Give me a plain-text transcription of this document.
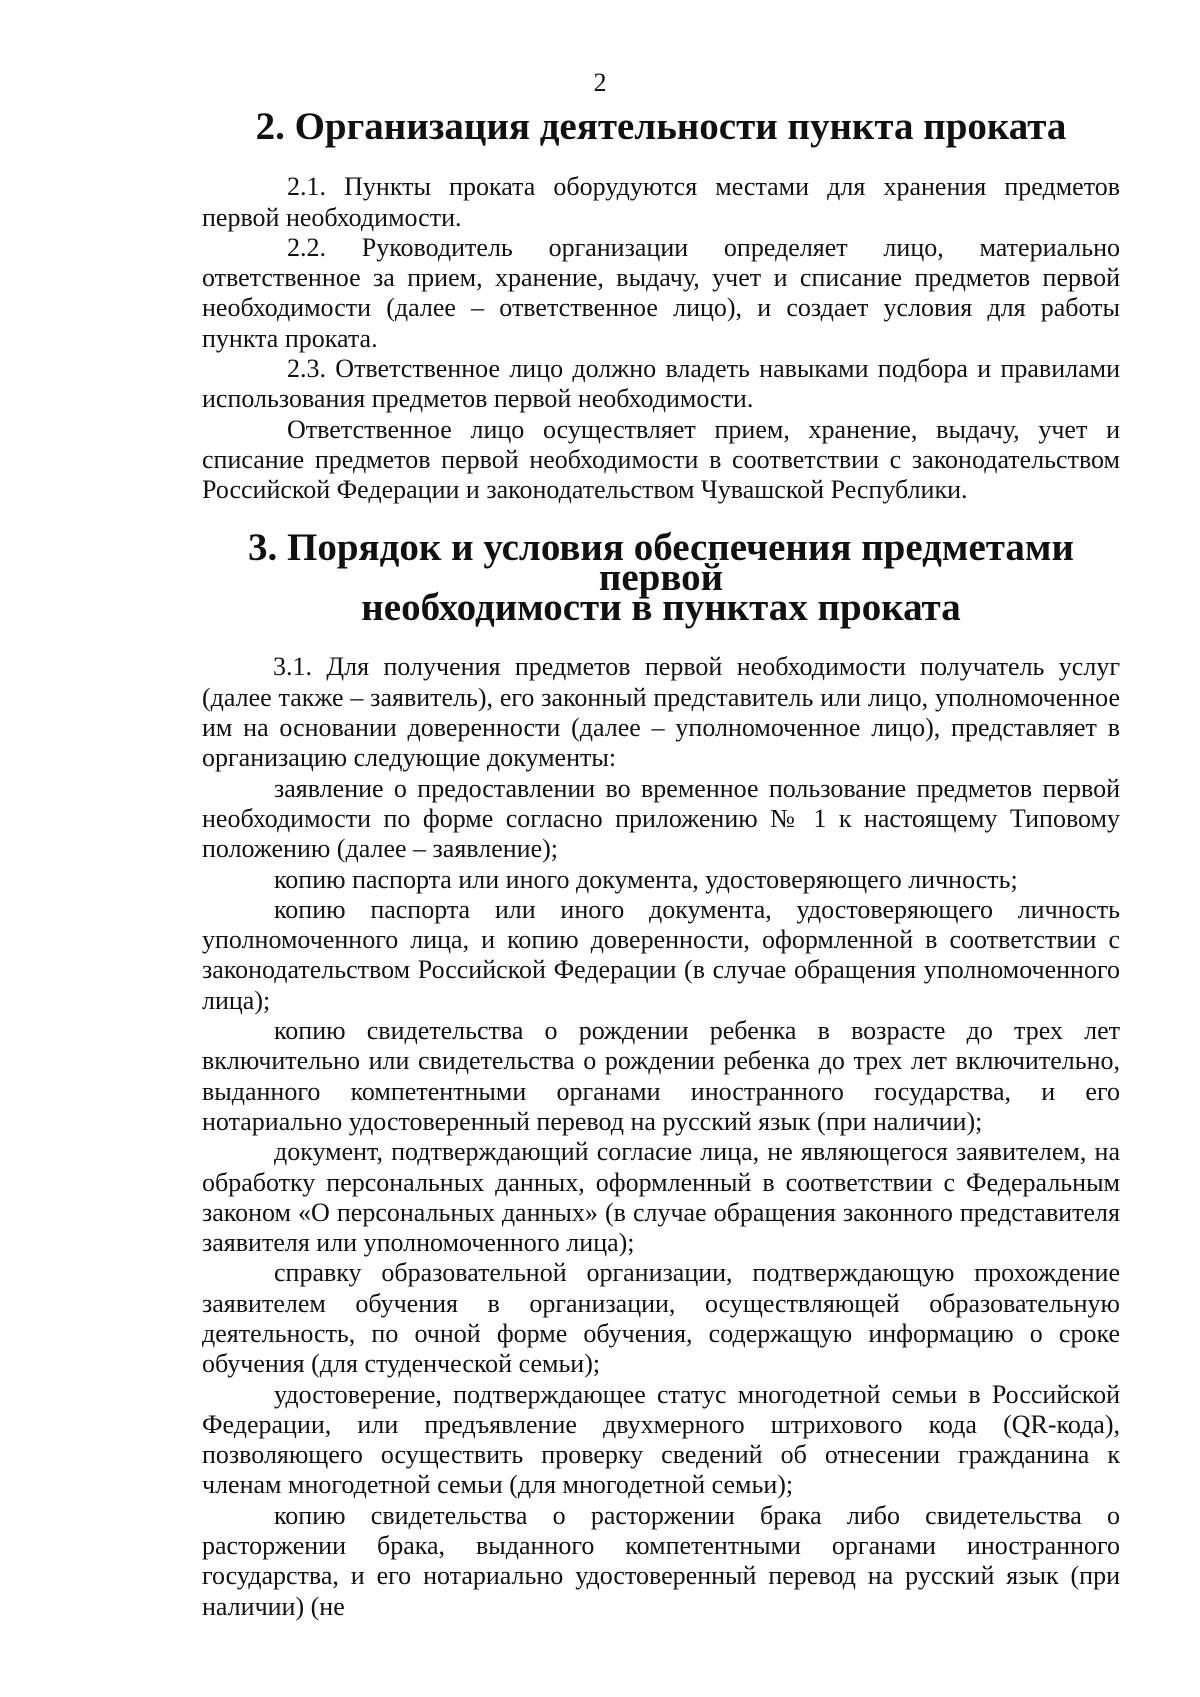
2
2. Организация деятельности пункта проката

2.1. Пункты проката оборудуются местами для хранения предметов первой необходимости.

2.2. Руководитель организации определяет лицо, материально ответственное за прием, хранение, выдачу, учет и списание предметов первой необходимости (далее – ответственное лицо), и создает условия для работы пункта проката.

2.3. Ответственное лицо должно владеть навыками подбора и правилами использования предметов первой необходимости.

Ответственное лицо осуществляет прием, хранение, выдачу, учет и списание предметов первой необходимости в соответствии с законодательством Российской Федерации и законодательством Чувашской Республики.

3. Порядок и условия обеспечения предметами первой
необходимости в пунктах проката

3.1. Для получения предметов первой необходимости получатель услуг (далее также – заявитель), его законный представитель или лицо, уполномоченное им на основании доверенности (далее – уполномоченное лицо), представляет в организацию следующие документы:

заявление о предоставлении во временное пользование предметов первой необходимости по форме согласно приложению № 1 к настоящему Типовому положению (далее – заявление);

копию паспорта или иного документа, удостоверяющего личность;

копию паспорта или иного документа, удостоверяющего личность уполномоченного лица, и копию доверенности, оформленной в соответствии с законодательством Российской Федерации (в случае обращения уполномоченного лица);

копию свидетельства о рождении ребенка в возрасте до трех лет включительно или свидетельства о рождении ребенка до трех лет включительно, выданного компетентными органами иностранного государства, и его нотариально удостоверенный перевод на русский язык (при наличии);

документ, подтверждающий согласие лица, не являющегося заявителем, на обработку персональных данных, оформленный в соответствии с Федеральным законом «О персональных данных» (в случае обращения законного представителя заявителя или уполномоченного лица);

справку образовательной организации, подтверждающую прохождение заявителем обучения в организации, осуществляющей образовательную деятельность, по очной форме обучения, содержащую информацию о сроке обучения (для студенческой семьи);

удостоверение, подтверждающее статус многодетной семьи в Российской Федерации, или предъявление двухмерного штрихового кода (QR-кода), позволяющего осуществить проверку сведений об отнесении гражданина к членам многодетной семьи (для многодетной семьи);

копию свидетельства о расторжении брака либо свидетельства о расторжении брака, выданного компетентными органами иностранного государства, и его нотариально удостоверенный перевод на русский язык (при наличии) (не
